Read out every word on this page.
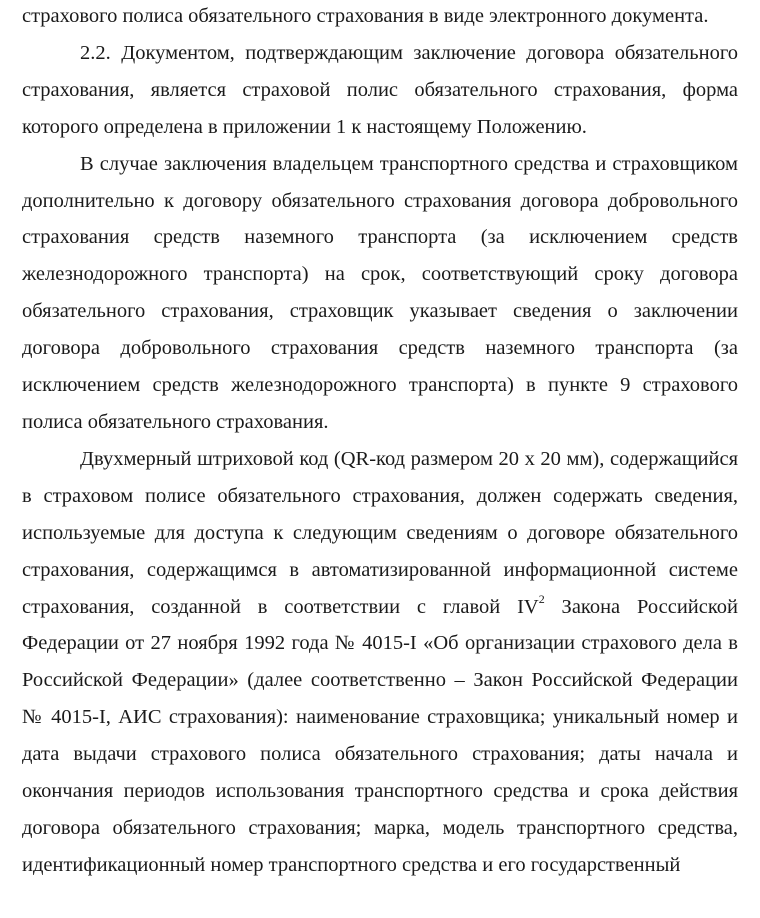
страхового полиса обязательного страхования в виде электронного документа.

2.2. Документом, подтверждающим заключение договора обязательного страхования, является страховой полис обязательного страхования, форма которого определена в приложении 1 к настоящему Положению.

В случае заключения владельцем транспортного средства и страховщиком дополнительно к договору обязательного страхования договора добровольного страхования средств наземного транспорта (за исключением средств железнодорожного транспорта) на срок, соответствующий сроку договора обязательного страхования, страховщик указывает сведения о заключении договора добровольного страхования средств наземного транспорта (за исключением средств железнодорожного транспорта) в пункте 9 страхового полиса обязательного страхования.

Двухмерный штриховой код (QR-код размером 20 х 20 мм), содержащийся в страховом полисе обязательного страхования, должен содержать сведения, используемые для доступа к следующим сведениям о договоре обязательного страхования, содержащимся в автоматизированной информационной системе страхования, созданной в соответствии с главой $IV^2$ Закона Российской Федерации от 27 ноября 1992 года № 4015-I «Об организации страхового дела в Российской Федерации» (далее соответственно – Закон Российской Федерации № 4015-I, АИС страхования): наименование страховщика; уникальный номер и дата выдачи страхового полиса обязательного страхования; даты начала и окончания периодов использования транспортного средства и срока действия договора обязательного страхования; марка, модель транспортного средства, идентификационный номер транспортного средства и его государственный
